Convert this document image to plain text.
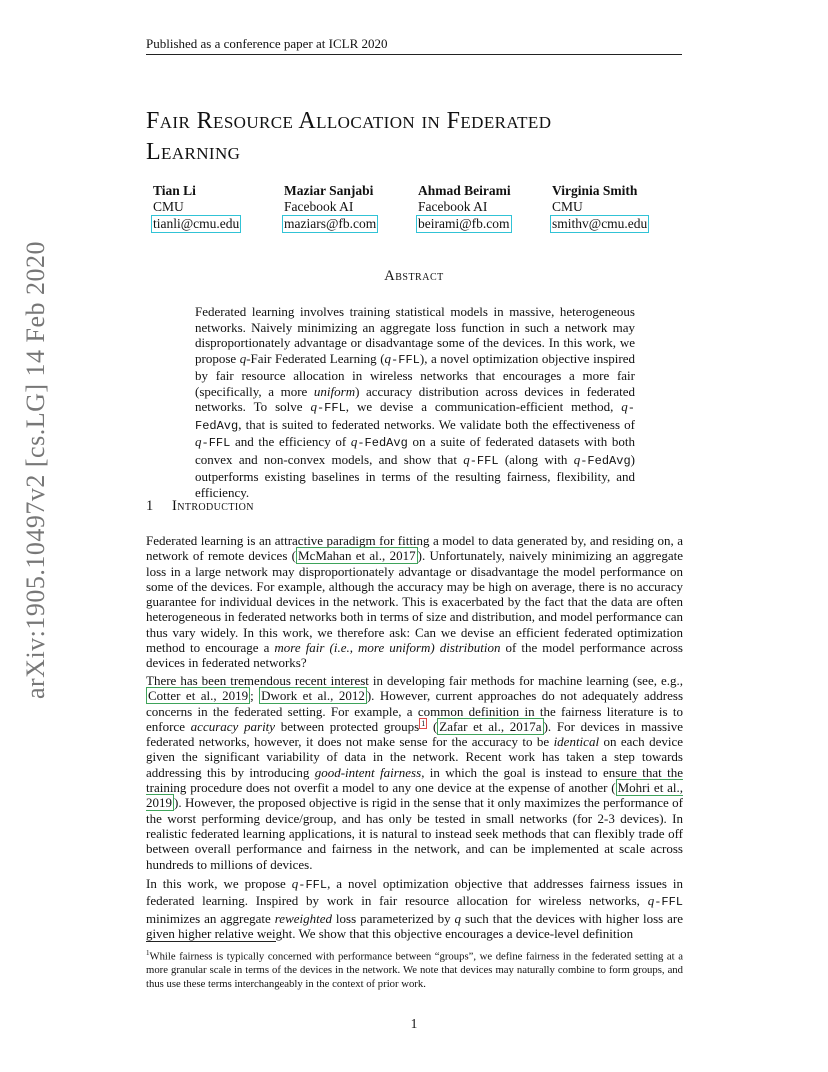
Published as a conference paper at ICLR 2020
arXiv:1905.10497v2 [cs.LG] 14 Feb 2020
Fair Resource Allocation in Federated
Learning
Tian Li
CMU
tianli@cmu.edu
Maziar Sanjabi
Facebook AI
maziars@fb.com
Ahmad Beirami
Facebook AI
beirami@fb.com
Virginia Smith
CMU
smithv@cmu.edu
Abstract
Federated learning involves training statistical models in massive, heterogeneous networks. Naively minimizing an aggregate loss function in such a network may disproportionately advantage or disadvantage some of the devices. In this work, we propose q-Fair Federated Learning (q-FFL), a novel optimization objective inspired by fair resource allocation in wireless networks that encourages a more fair (specifically, a more uniform) accuracy distribution across devices in federated networks. To solve q-FFL, we devise a communication-efficient method, q-FedAvg, that is suited to federated networks. We validate both the effectiveness of q-FFL and the efficiency of q-FedAvg on a suite of federated datasets with both convex and non-convex models, and show that q-FFL (along with q-FedAvg) outperforms existing baselines in terms of the resulting fairness, flexibility, and efficiency.
1 Introduction
Federated learning is an attractive paradigm for fitting a model to data generated by, and residing on, a network of remote devices ( McMahan et al., 2017 ). Unfortunately, naively minimizing an aggregate loss in a large network may disproportionately advantage or disadvantage the model performance on some of the devices. For example, although the accuracy may be high on average, there is no accuracy guarantee for individual devices in the network. This is exacerbated by the fact that the data are often heterogeneous in federated networks both in terms of size and distribution, and model performance can thus vary widely. In this work, we therefore ask: Can we devise an efficient federated optimization method to encourage a more fair (i.e., more uniform) distribution of the model performance across devices in federated networks?
There has been tremendous recent interest in developing fair methods for machine learning (see, e.g., Cotter et al., 2019 ; Dwork et al., 2012 ). However, current approaches do not adequately address concerns in the federated setting. For example, a common definition in the fairness literature is to enforce accuracy parity between protected groups $^1$ ( Zafar et al., 2017a ). For devices in massive federated networks, however, it does not make sense for the accuracy to be identical on each device given the significant variability of data in the network. Recent work has taken a step towards addressing this by introducing good-intent fairness, in which the goal is instead to ensure that the training procedure does not overfit a model to any one device at the expense of another ( Mohri et al., 2019 ). However, the proposed objective is rigid in the sense that it only maximizes the performance of the worst performing device/group, and has only be tested in small networks (for 2-3 devices). In realistic federated learning applications, it is natural to instead seek methods that can flexibly trade off between overall performance and fairness in the network, and can be implemented at scale across hundreds to millions of devices.
In this work, we propose q-FFL, a novel optimization objective that addresses fairness issues in federated learning. Inspired by work in fair resource allocation for wireless networks, q-FFL minimizes an aggregate reweighted loss parameterized by q such that the devices with higher loss are given higher relative weight. We show that this objective encourages a device-level definition
$^1$While fairness is typically concerned with performance between “groups”, we define fairness in the federated setting at a more granular scale in terms of the devices in the network. We note that devices may naturally combine to form groups, and thus use these terms interchangeably in the context of prior work.
1
